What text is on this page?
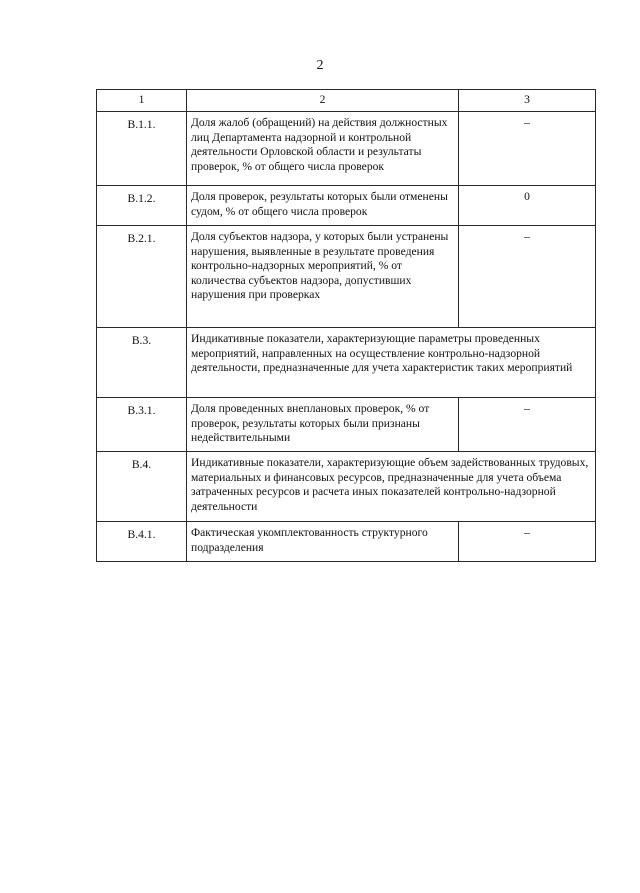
2
1	2	3
В.1.1.	Доля жалоб (обращений) на действия должностных лиц Департамента надзорной и контрольной деятельности Орловской области и результаты проверок, % от общего числа проверок	–
В.1.2.	Доля проверок, результаты которых были отменены судом, % от общего числа проверок	0
В.2.1.	Доля субъектов надзора, у которых были устранены нарушения, выявленные в результате проведения контрольно-надзорных мероприятий, % от количества субъектов надзора, допустивших нарушения при проверках	–
В.3.	Индикативные показатели, характеризующие параметры проведенных мероприятий, направленных на осуществление контрольно-надзорной деятельности, предназначенные для учета характеристик таких мероприятий	
В.3.1.	Доля проведенных внеплановых проверок, % от проверок, результаты которых были признаны недействительными	–
В.4.	Индикативные показатели, характеризующие объем задействованных трудовых, материальных и финансовых ресурсов, предназначенные для учета объема затраченных ресурсов и расчета иных показателей контрольно-надзорной деятельности	
В.4.1.	Фактическая укомплектованность структурного подразделения	–
